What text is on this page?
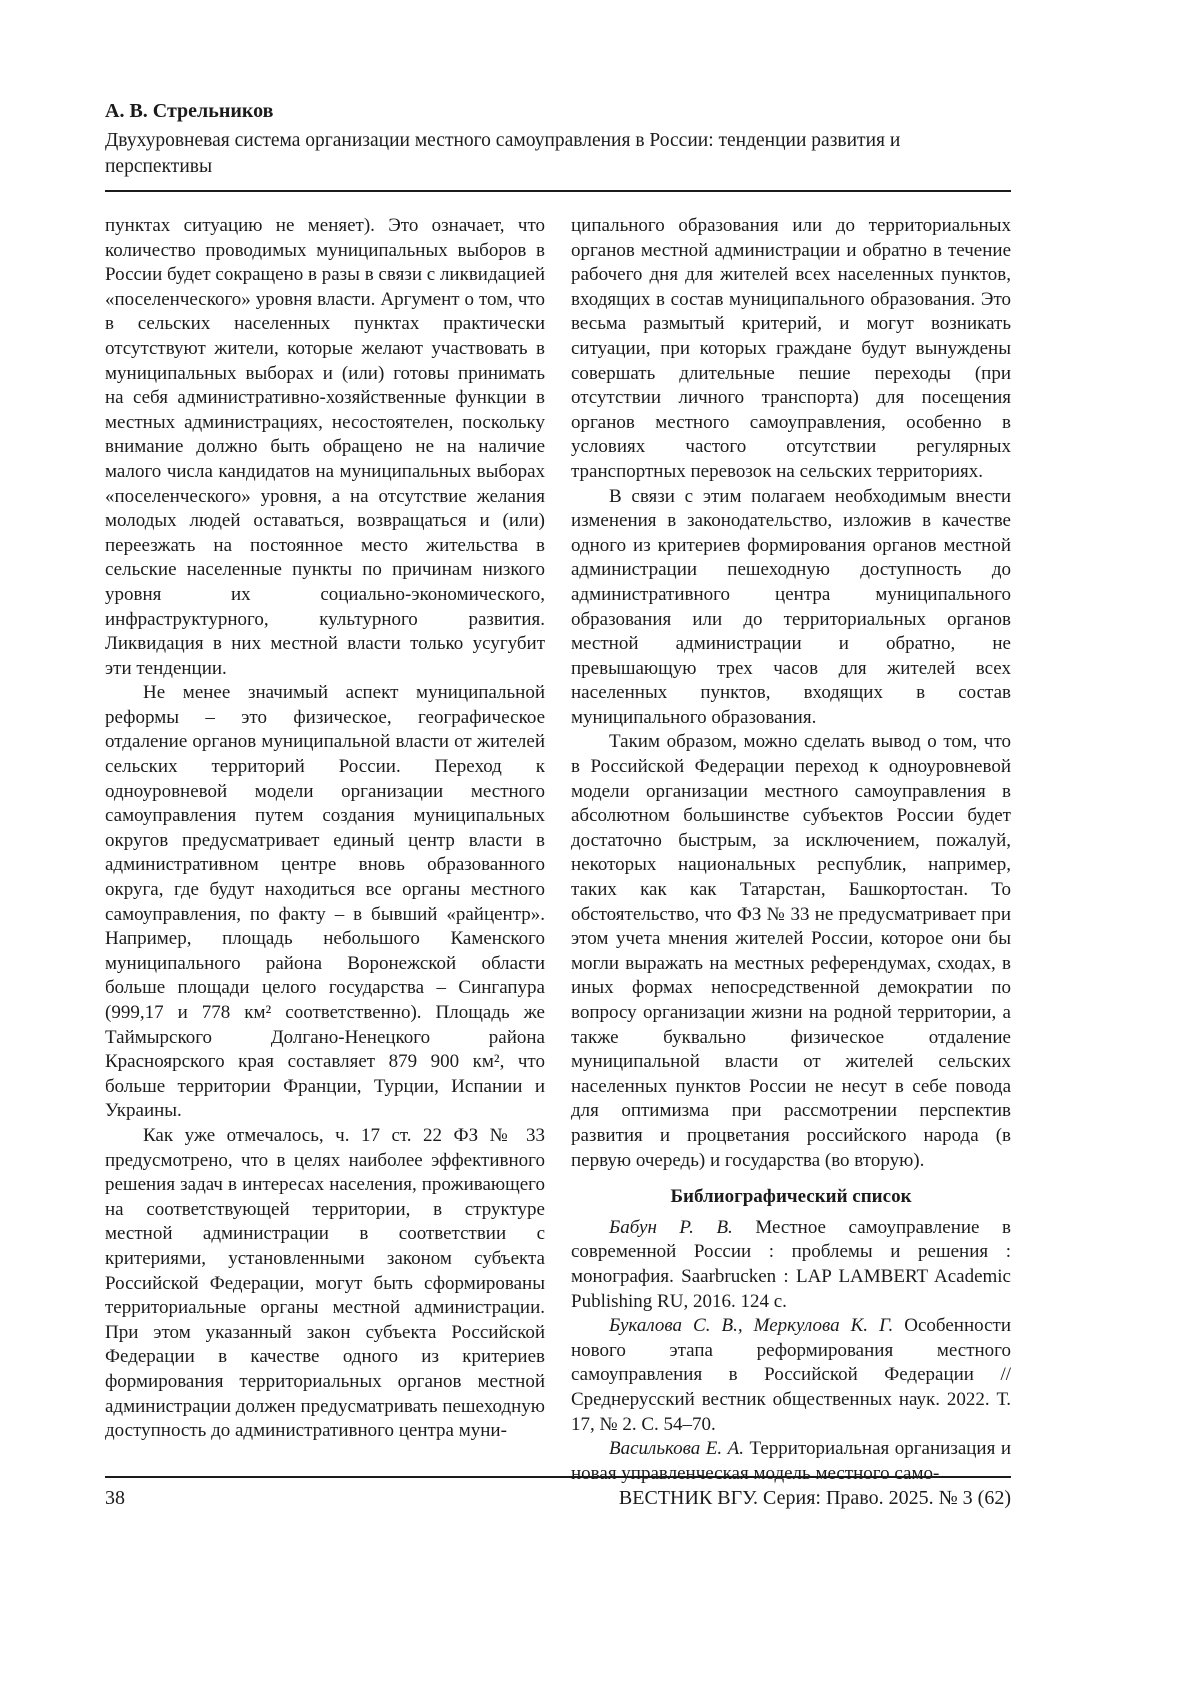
А. В. Стрельников

Двухуровневая система организации местного самоуправления в России: тенденции развития и перспективы

пунктах ситуацию не меняет). Это означает, что количество проводимых муниципальных выборов в России будет сокращено в разы в связи с ликвидацией «поселенческого» уровня власти. Аргумент о том, что в сельских населенных пунктах практически отсутствуют жители, которые желают участвовать в муниципальных выборах и (или) готовы принимать на себя административно-хозяйственные функции в местных администрациях, несостоятелен, поскольку внимание должно быть обращено не на наличие малого числа кандидатов на муниципальных выборах «поселенческого» уровня, а на отсутствие желания молодых людей оставаться, возвращаться и (или) переезжать на постоянное место жительства в сельские населенные пункты по причинам низкого уровня их социально-экономического, инфраструктурного, культурного развития. Ликвидация в них местной власти только усугубит эти тенденции.

Не менее значимый аспект муниципальной реформы – это физическое, географическое отдаление органов муниципальной власти от жителей сельских территорий России. Переход к одноуровневой модели организации местного самоуправления путем создания муниципальных округов предусматривает единый центр власти в административном центре вновь образованного округа, где будут находиться все органы местного самоуправления, по факту – в бывший «райцентр». Например, площадь небольшого Каменского муниципального района Воронежской области больше площади целого государства – Сингапура (999,17 и 778 км² соответственно). Площадь же Таймырского Долгано-Ненецкого района Красноярского края составляет 879 900 км², что больше территории Франции, Турции, Испании и Украины.

Как уже отмечалось, ч. 17 ст. 22 ФЗ № 33 предусмотрено, что в целях наиболее эффективного решения задач в интересах населения, проживающего на соответствующей территории, в структуре местной администрации в соответствии с критериями, установленными законом субъекта Российской Федерации, могут быть сформированы территориальные органы местной администрации. При этом указанный закон субъекта Российской Федерации в качестве одного из критериев формирования территориальных органов местной администрации должен предусматривать пешеходную доступность до административного центра муни-

ципального образования или до территориальных органов местной администрации и обратно в течение рабочего дня для жителей всех населенных пунктов, входящих в состав муниципального образования. Это весьма размытый критерий, и могут возникать ситуации, при которых граждане будут вынуждены совершать длительные пешие переходы (при отсутствии личного транспорта) для посещения органов местного самоуправления, особенно в условиях частого отсутствии регулярных транспортных перевозок на сельских территориях.

В связи с этим полагаем необходимым внести изменения в законодательство, изложив в качестве одного из критериев формирования органов местной администрации пешеходную доступность до административного центра муниципального образования или до территориальных органов местной администрации и обратно, не превышающую трех часов для жителей всех населенных пунктов, входящих в состав муниципального образования.

Таким образом, можно сделать вывод о том, что в Российской Федерации переход к одноуровневой модели организации местного самоуправления в абсолютном большинстве субъектов России будет достаточно быстрым, за исключением, пожалуй, некоторых национальных республик, например, таких как как Татарстан, Башкортостан. То обстоятельство, что ФЗ № 33 не предусматривает при этом учета мнения жителей России, которое они бы могли выражать на местных референдумах, сходах, в иных формах непосредственной демократии по вопросу организации жизни на родной территории, а также буквально физическое отдаление муниципальной власти от жителей сельских населенных пунктов России не несут в себе повода для оптимизма при рассмотрении перспектив развития и процветания российского народа (в первую очередь) и государства (во вторую).

Библиографический список

Бабун Р. В. Местное самоуправление в современной России : проблемы и решения : монография. Saarbrucken : LAP LAMBERT Academic Publishing RU, 2016. 124 с.

Букалова С. В., Меркулова К. Г. Особенности нового этапа реформирования местного самоуправления в Российской Федерации // Среднерусский вестник общественных наук. 2022. Т. 17, № 2. С. 54–70.

Василькова Е. А. Территориальная организация и новая управленческая модель местного само-

38	ВЕСТНИК ВГУ. Серия: Право. 2025. № 3 (62)
